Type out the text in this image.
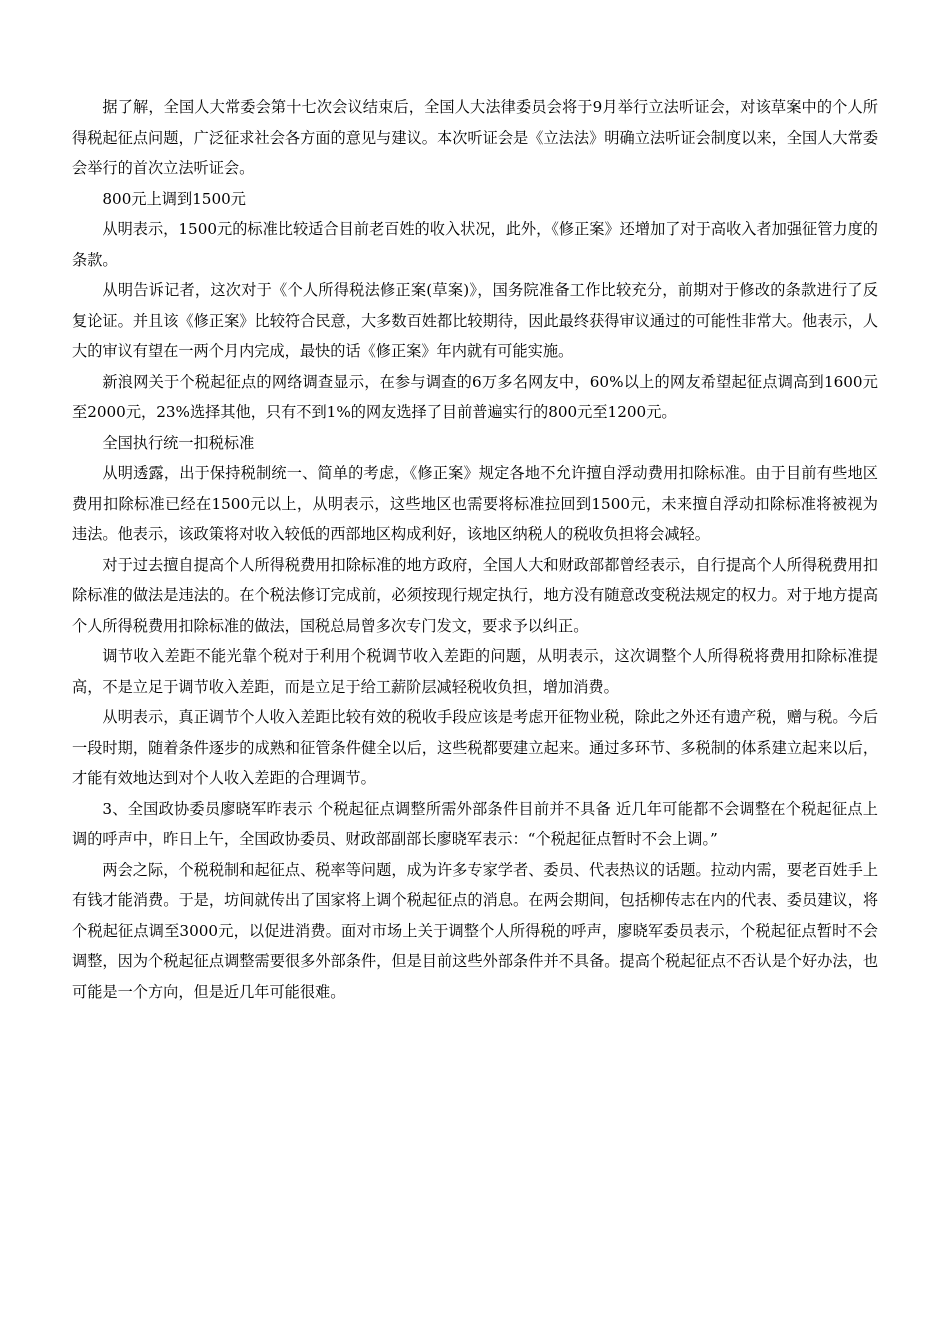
据了解，全国人大常委会第十七次会议结束后，全国人大法律委员会将于9月举行立法听证会，对该草案中的个人所得税起征点问题，广泛征求社会各方面的意见与建议。本次听证会是《立法法》明确立法听证会制度以来，全国人大常委会举行的首次立法听证会。

800元上调到1500元

从明表示，1500元的标准比较适合目前老百姓的收入状况，此外，《修正案》还增加了对于高收入者加强征管力度的条款。

从明告诉记者，这次对于《个人所得税法修正案(草案)》，国务院准备工作比较充分，前期对于修改的条款进行了反复论证。并且该《修正案》比较符合民意，大多数百姓都比较期待，因此最终获得审议通过的可能性非常大。他表示，人大的审议有望在一两个月内完成，最快的话《修正案》年内就有可能实施。

新浪网关于个税起征点的网络调查显示，在参与调查的6万多名网友中，60%以上的网友希望起征点调高到1600元至2000元，23%选择其他，只有不到1%的网友选择了目前普遍实行的800元至1200元。

全国执行统一扣税标准

从明透露，出于保持税制统一、简单的考虑，《修正案》规定各地不允许擅自浮动费用扣除标准。由于目前有些地区费用扣除标准已经在1500元以上，从明表示，这些地区也需要将标准拉回到1500元，未来擅自浮动扣除标准将被视为违法。他表示，该政策将对收入较低的西部地区构成利好，该地区纳税人的税收负担将会减轻。

对于过去擅自提高个人所得税费用扣除标准的地方政府，全国人大和财政部都曾经表示，自行提高个人所得税费用扣除标准的做法是违法的。在个税法修订完成前，必须按现行规定执行，地方没有随意改变税法规定的权力。对于地方提高个人所得税费用扣除标准的做法，国税总局曾多次专门发文，要求予以纠正。

调节收入差距不能光靠个税对于利用个税调节收入差距的问题，从明表示，这次调整个人所得税将费用扣除标准提高，不是立足于调节收入差距，而是立足于给工薪阶层减轻税收负担，增加消费。

从明表示，真正调节个人收入差距比较有效的税收手段应该是考虑开征物业税，除此之外还有遗产税，赠与税。今后一段时期，随着条件逐步的成熟和征管条件健全以后，这些税都要建立起来。通过多环节、多税制的体系建立起来以后，才能有效地达到对个人收入差距的合理调节。

3、全国政协委员廖晓军昨表示 个税起征点调整所需外部条件目前并不具备 近几年可能都不会调整在个税起征点上调的呼声中，昨日上午，全国政协委员、财政部副部长廖晓军表示：“个税起征点暂时不会上调。”

两会之际，个税税制和起征点、税率等问题，成为许多专家学者、委员、代表热议的话题。拉动内需，要老百姓手上有钱才能消费。于是，坊间就传出了国家将上调个税起征点的消息。在两会期间，包括柳传志在内的代表、委员建议，将个税起征点调至3000元，以促进消费。面对市场上关于调整个人所得税的呼声，廖晓军委员表示，个税起征点暂时不会调整，因为个税起征点调整需要很多外部条件，但是目前这些外部条件并不具备。提高个税起征点不否认是个好办法，也可能是一个方向，但是近几年可能很难。
